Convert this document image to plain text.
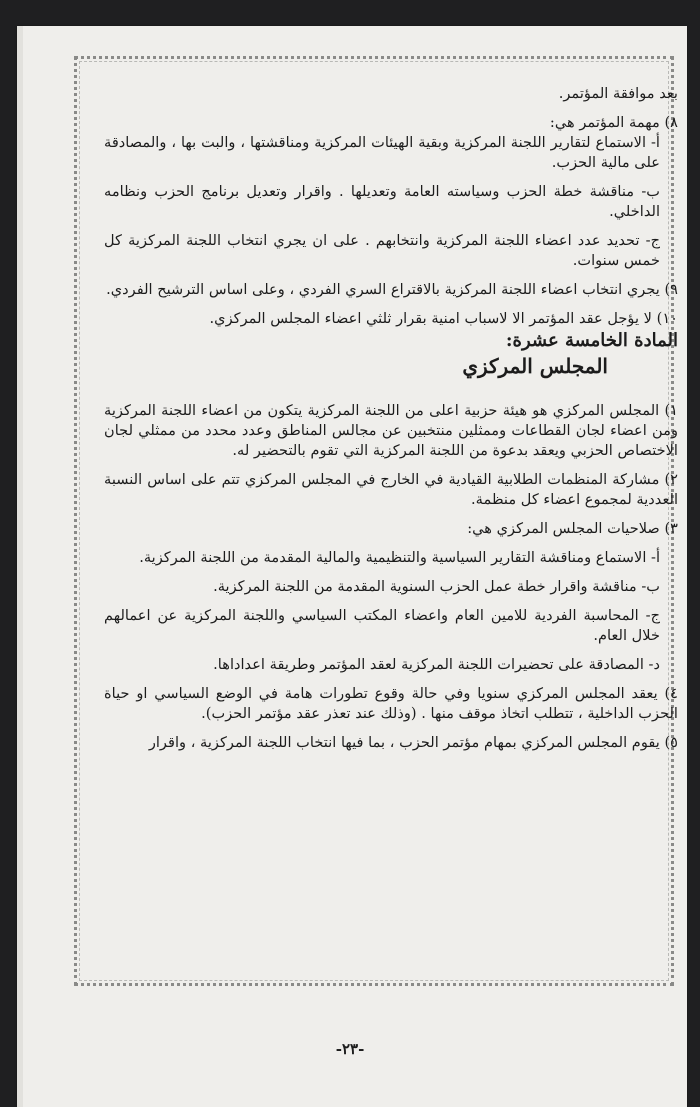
بعد موافقة المؤتمر.

٨) مهمة المؤتمر هي:

أ- الاستماع لتقارير اللجنة المركزية وبقية الهيئات المركزية ومناقشتها ، والبت بها ، والمصادقة على مالية الحزب.

ب- مناقشة خطة الحزب وسياسته العامة وتعديلها . واقرار وتعديل برنامج الحزب ونظامه الداخلي.

ج- تحديد عدد اعضاء اللجنة المركزية وانتخابهم . على ان يجري انتخاب اللجنة المركزية كل خمس سنوات.

٩) يجري انتخاب اعضاء اللجنة المركزية بالاقتراع السري الفردي ، وعلى اساس الترشيح الفردي.

١٠) لا يؤجل عقد المؤتمر الا لاسباب امنية بقرار ثلثي اعضاء المجلس المركزي.

المادة الخامسة عشرة:

المجلس المركزي

١) المجلس المركزي هو هيئة حزبية اعلى من اللجنة المركزية يتكون من اعضاء اللجنة المركزية ومن اعضاء لجان القطاعات وممثلين منتخبين عن مجالس المناطق وعدد محدد من ممثلي لجان الاختصاص الحزبي ويعقد بدعوة من اللجنة المركزية التي تقوم بالتحضير له.

٢) مشاركة المنظمات الطلابية القيادية في الخارج في المجلس المركزي تتم على اساس النسبة العددية لمجموع اعضاء كل منظمة.

٣) صلاحيات المجلس المركزي هي:

أ- الاستماع ومناقشة التقارير السياسية والتنظيمية والمالية المقدمة من اللجنة المركزية.

ب- مناقشة واقرار خطة عمل الحزب السنوية المقدمة من اللجنة المركزية.

ج- المحاسبة الفردية للامين العام واعضاء المكتب السياسي واللجنة المركزية عن اعمالهم خلال العام.

د- المصادقة على تحضيرات اللجنة المركزية لعقد المؤتمر وطريقة اعداداها.

٤) يعقد المجلس المركزي سنويا وفي حالة وقوع تطورات هامة في الوضع السياسي او حياة الحزب الداخلية ، تتطلب اتخاذ موقف منها . (وذلك عند تعذر عقد مؤتمر الحزب).

٥) يقوم المجلس المركزي بمهام مؤتمر الحزب ، بما فيها انتخاب اللجنة المركزية ، واقرار

-٢٣-
